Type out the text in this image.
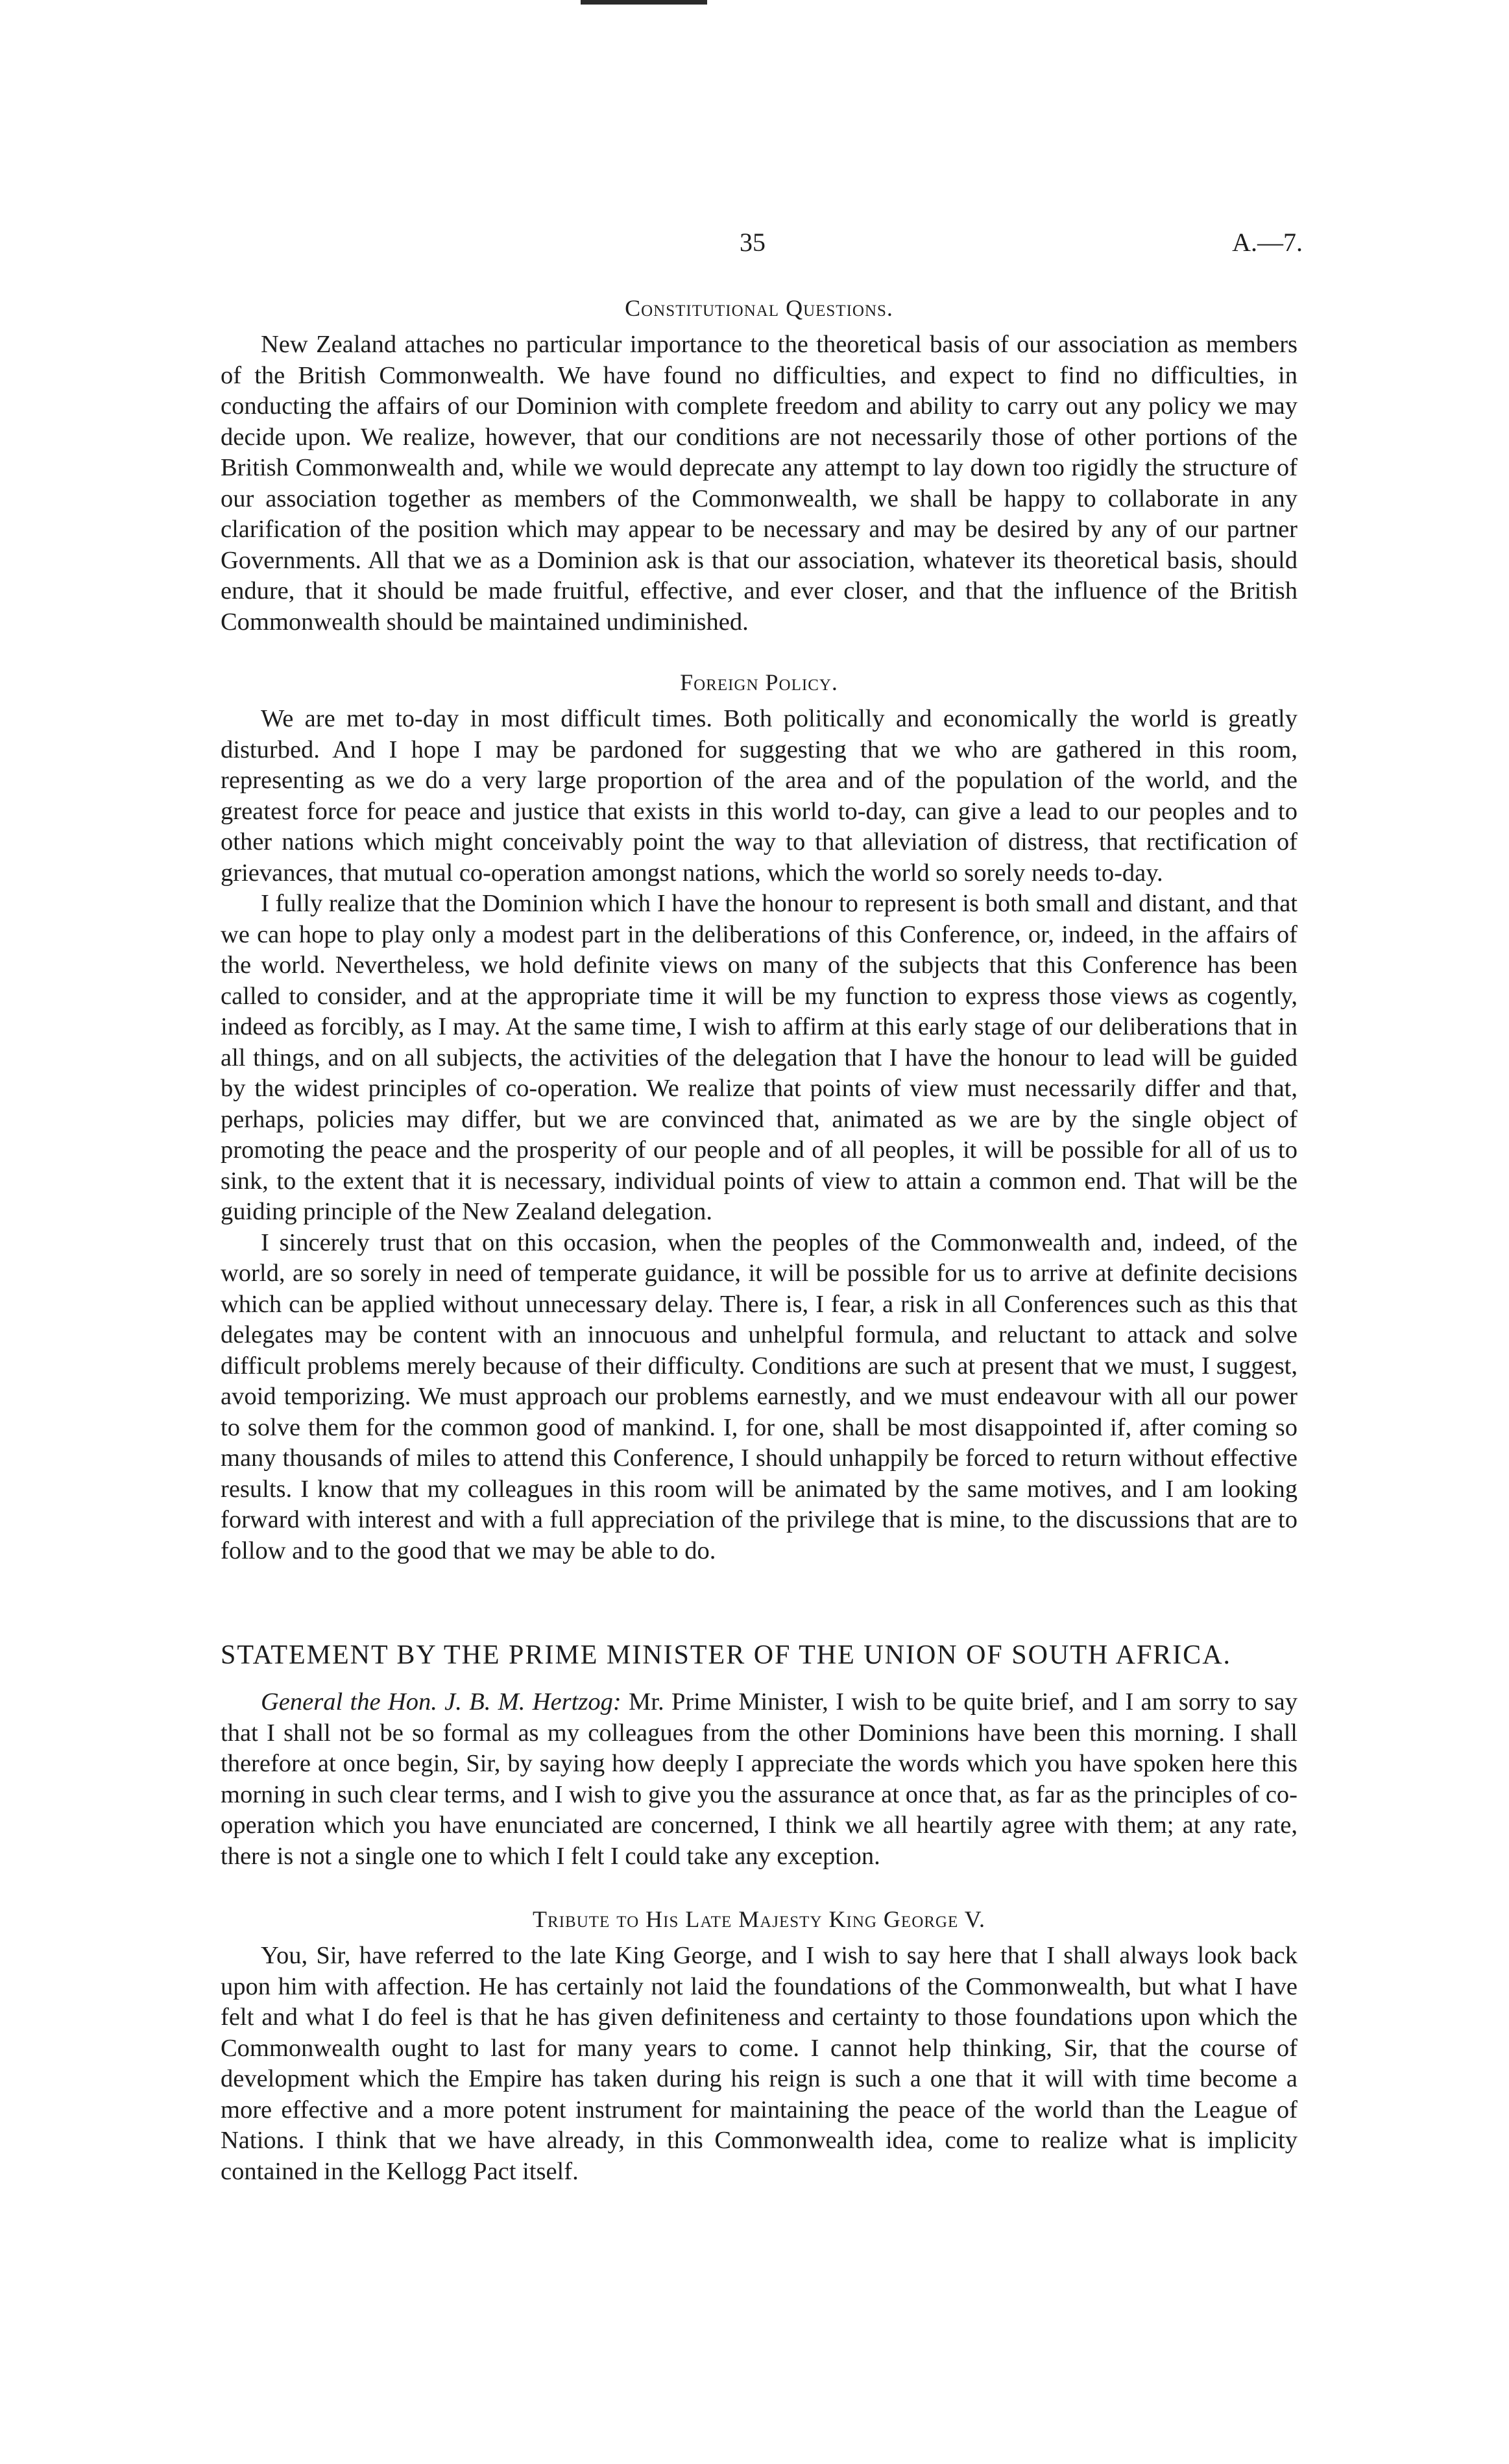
35	A.—7.
Constitutional Questions.

New Zealand attaches no particular importance to the theoretical basis of our association as members of the British Commonwealth. We have found no difficulties, and expect to find no difficulties, in conducting the affairs of our Dominion with complete freedom and ability to carry out any policy we may decide upon. We realize, however, that our conditions are not necessarily those of other portions of the British Commonwealth and, while we would deprecate any attempt to lay down too rigidly the structure of our association together as members of the Commonwealth, we shall be happy to collaborate in any clarification of the position which may appear to be necessary and may be desired by any of our partner Governments. All that we as a Dominion ask is that our association, whatever its theoretical basis, should endure, that it should be made fruitful, effective, and ever closer, and that the influence of the British Commonwealth should be maintained undiminished.

Foreign Policy.

We are met to-day in most difficult times. Both politically and economically the world is greatly disturbed. And I hope I may be pardoned for suggesting that we who are gathered in this room, representing as we do a very large proportion of the area and of the population of the world, and the greatest force for peace and justice that exists in this world to-day, can give a lead to our peoples and to other nations which might conceivably point the way to that alleviation of distress, that rectification of grievances, that mutual co-operation amongst nations, which the world so sorely needs to-day.

I fully realize that the Dominion which I have the honour to represent is both small and distant, and that we can hope to play only a modest part in the deliberations of this Conference, or, indeed, in the affairs of the world. Nevertheless, we hold definite views on many of the subjects that this Conference has been called to consider, and at the appropriate time it will be my function to express those views as cogently, indeed as forcibly, as I may. At the same time, I wish to affirm at this early stage of our deliberations that in all things, and on all subjects, the activities of the delegation that I have the honour to lead will be guided by the widest principles of co-operation. We realize that points of view must necessarily differ and that, perhaps, policies may differ, but we are convinced that, animated as we are by the single object of promoting the peace and the prosperity of our people and of all peoples, it will be possible for all of us to sink, to the extent that it is necessary, individual points of view to attain a common end. That will be the guiding principle of the New Zealand delegation.

I sincerely trust that on this occasion, when the peoples of the Commonwealth and, indeed, of the world, are so sorely in need of temperate guidance, it will be possible for us to arrive at definite decisions which can be applied without unnecessary delay. There is, I fear, a risk in all Conferences such as this that delegates may be content with an innocuous and unhelpful formula, and reluctant to attack and solve difficult problems merely because of their difficulty. Conditions are such at present that we must, I suggest, avoid temporizing. We must approach our problems earnestly, and we must endeavour with all our power to solve them for the common good of mankind. I, for one, shall be most disappointed if, after coming so many thousands of miles to attend this Conference, I should unhappily be forced to return without effective results. I know that my colleagues in this room will be animated by the same motives, and I am looking forward with interest and with a full appreciation of the privilege that is mine, to the discussions that are to follow and to the good that we may be able to do.

STATEMENT BY THE PRIME MINISTER OF THE UNION OF SOUTH AFRICA.

General the Hon. J. B. M. Hertzog: Mr. Prime Minister, I wish to be quite brief, and I am sorry to say that I shall not be so formal as my colleagues from the other Dominions have been this morning. I shall therefore at once begin, Sir, by saying how deeply I appreciate the words which you have spoken here this morning in such clear terms, and I wish to give you the assurance at once that, as far as the principles of co-operation which you have enunciated are concerned, I think we all heartily agree with them; at any rate, there is not a single one to which I felt I could take any exception.

Tribute to His Late Majesty King George V.

You, Sir, have referred to the late King George, and I wish to say here that I shall always look back upon him with affection. He has certainly not laid the foundations of the Commonwealth, but what I have felt and what I do feel is that he has given definiteness and certainty to those foundations upon which the Commonwealth ought to last for many years to come. I cannot help thinking, Sir, that the course of development which the Empire has taken during his reign is such a one that it will with time become a more effective and a more potent instrument for maintaining the peace of the world than the League of Nations. I think that we have already, in this Commonwealth idea, come to realize what is implicity contained in the Kellogg Pact itself.
